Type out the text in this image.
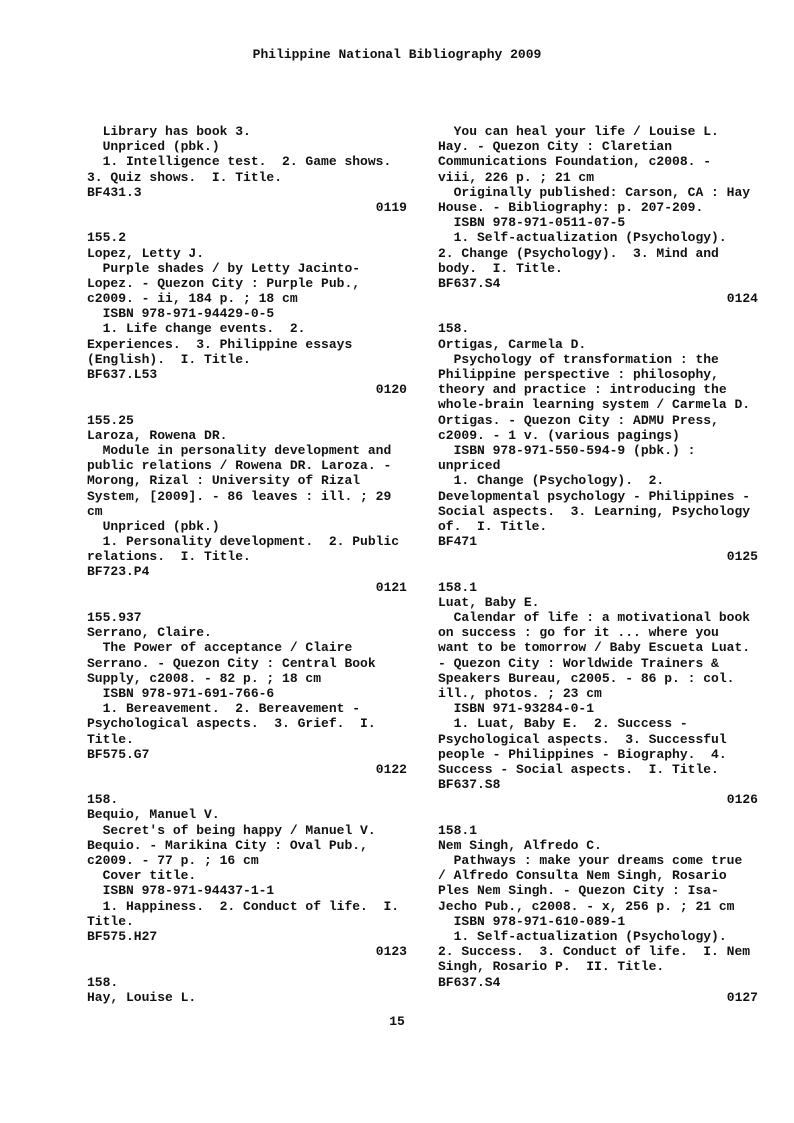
Philippine National Bibliography 2009
Library has book 3.
Unpriced (pbk.)
1. Intelligence test.  2. Game shows.
3. Quiz shows.  I. Title.
BF431.3
0119
155.2
Lopez, Letty J.
Purple shades / by Letty Jacinto-
Lopez. - Quezon City : Purple Pub.,
c2009. - ii, 184 p. ; 18 cm
ISBN 978-971-94429-0-5
1. Life change events.  2.
Experiences.  3. Philippine essays
(English).  I. Title.
BF637.L53
0120
155.25
Laroza, Rowena DR.
Module in personality development and
public relations / Rowena DR. Laroza. -
Morong, Rizal : University of Rizal
System, [2009]. - 86 leaves : ill. ; 29
cm
Unpriced (pbk.)
1. Personality development.  2. Public
relations.  I. Title.
BF723.P4
0121
155.937
Serrano, Claire.
The Power of acceptance / Claire
Serrano. - Quezon City : Central Book
Supply, c2008. - 82 p. ; 18 cm
ISBN 978-971-691-766-6
1. Bereavement.  2. Bereavement -
Psychological aspects.  3. Grief.  I.
Title.
BF575.G7
0122
158.
Bequio, Manuel V.
Secret's of being happy / Manuel V.
Bequio. - Marikina City : Oval Pub.,
c2009. - 77 p. ; 16 cm
Cover title.
ISBN 978-971-94437-1-1
1. Happiness.  2. Conduct of life.  I.
Title.
BF575.H27
0123
158.
Hay, Louise L.
You can heal your life / Louise L.
Hay. - Quezon City : Claretian
Communications Foundation, c2008. -
viii, 226 p. ; 21 cm
Originally published: Carson, CA : Hay
House. - Bibliography: p. 207-209.
ISBN 978-971-0511-07-5
1. Self-actualization (Psychology).
2. Change (Psychology).  3. Mind and
body.  I. Title.
BF637.S4
0124
158.
Ortigas, Carmela D.
Psychology of transformation : the
Philippine perspective : philosophy,
theory and practice : introducing the
whole-brain learning system / Carmela D.
Ortigas. - Quezon City : ADMU Press,
c2009. - 1 v. (various pagings)
ISBN 978-971-550-594-9 (pbk.) :
unpriced
1. Change (Psychology).  2.
Developmental psychology - Philippines -
Social aspects.  3. Learning, Psychology
of.  I. Title.
BF471
0125
158.1
Luat, Baby E.
Calendar of life : a motivational book
on success : go for it ... where you
want to be tomorrow / Baby Escueta Luat.
- Quezon City : Worldwide Trainers &
Speakers Bureau, c2005. - 86 p. : col.
ill., photos. ; 23 cm
ISBN 971-93284-0-1
1. Luat, Baby E.  2. Success -
Psychological aspects.  3. Successful
people - Philippines - Biography.  4.
Success - Social aspects.  I. Title.
BF637.S8
0126
158.1
Nem Singh, Alfredo C.
Pathways : make your dreams come true
/ Alfredo Consulta Nem Singh, Rosario
Ples Nem Singh. - Quezon City : Isa-
Jecho Pub., c2008. - x, 256 p. ; 21 cm
ISBN 978-971-610-089-1
1. Self-actualization (Psychology).
2. Success.  3. Conduct of life.  I. Nem
Singh, Rosario P.  II. Title.
BF637.S4
0127
15
